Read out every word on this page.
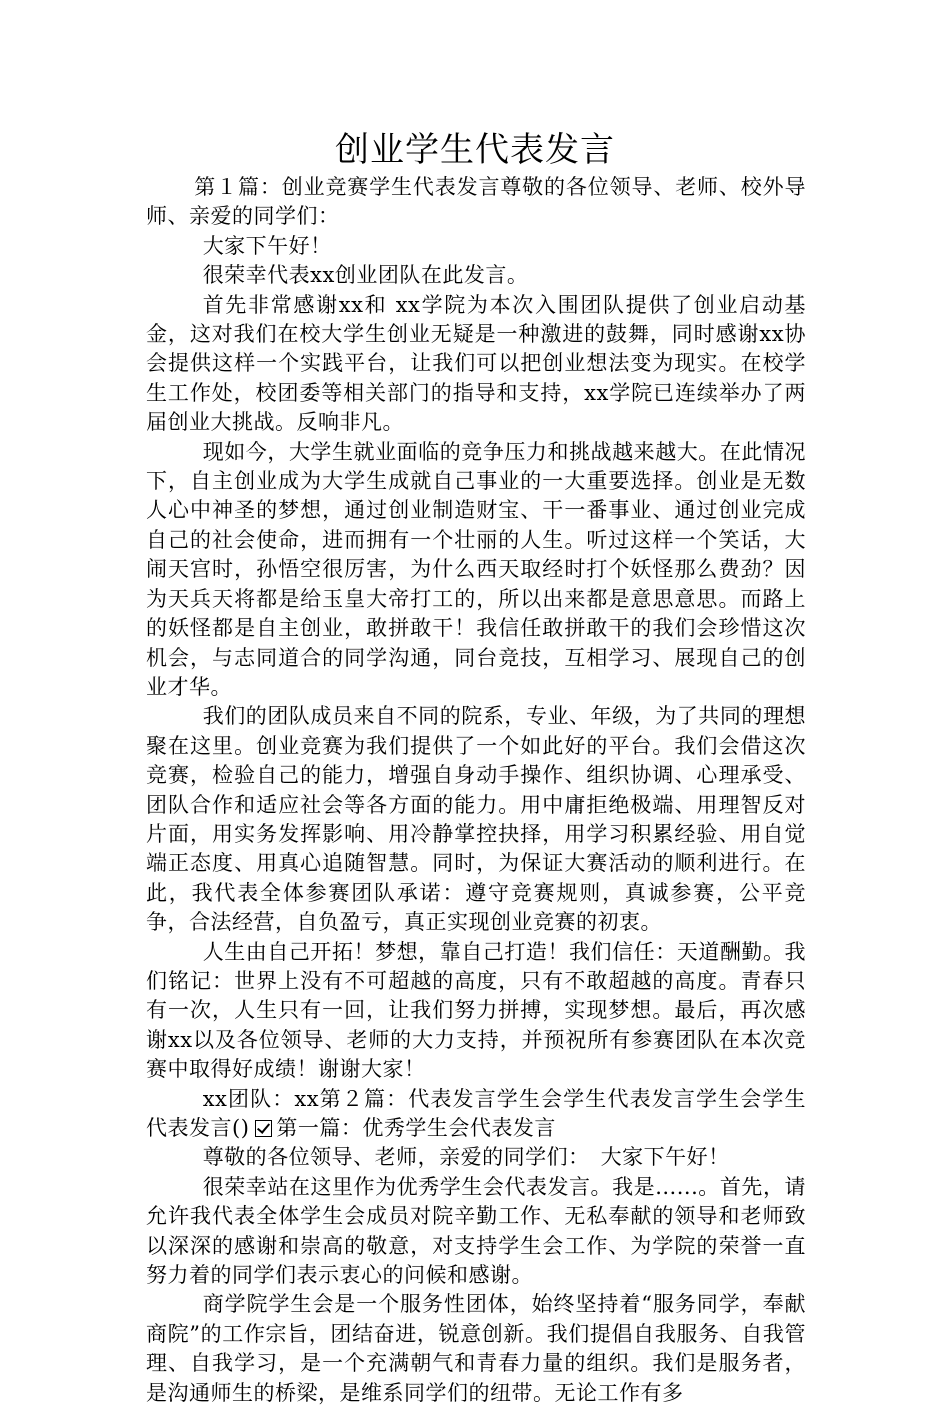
创业学生代表发言

第１篇：创业竞赛学生代表发言尊敬的各位领导、老师、校外导师、亲爱的同学们：

大家下午好！

很荣幸代表xx创业团队在此发言。

首先非常感谢xx和 xx学院为本次入围团队提供了创业启动基金，这对我们在校大学生创业无疑是一种激进的鼓舞，同时感谢xx协会提供这样一个实践平台，让我们可以把创业想法变为现实。在校学生工作处，校团委等相关部门的指导和支持，xx学院已连续举办了两届创业大挑战。反响非凡。

现如今，大学生就业面临的竞争压力和挑战越来越大。在此情况下，自主创业成为大学生成就自己事业的一大重要选择。创业是无数人心中神圣的梦想，通过创业制造财宝、干一番事业、通过创业完成自己的社会使命，进而拥有一个壮丽的人生。听过这样一个笑话，大闹天宫时，孙悟空很厉害，为什么西天取经时打个妖怪那么费劲？因为天兵天将都是给玉皇大帝打工的，所以出来都是意思意思。而路上的妖怪都是自主创业，敢拼敢干！我信任敢拼敢干的我们会珍惜这次机会，与志同道合的同学沟通，同台竞技，互相学习、展现自己的创业才华。

我们的团队成员来自不同的院系，专业、年级，为了共同的理想聚在这里。创业竞赛为我们提供了一个如此好的平台。我们会借这次竞赛，检验自己的能力，增强自身动手操作、组织协调、心理承受、团队合作和适应社会等各方面的能力。用中庸拒绝极端、用理智反对片面，用实务发挥影响、用冷静掌控抉择，用学习积累经验、用自觉端正态度、用真心追随智慧。同时，为保证大赛活动的顺利进行。在此，我代表全体参赛团队承诺：遵守竞赛规则，真诚参赛，公平竞争，合法经营，自负盈亏，真正实现创业竞赛的初衷。

人生由自己开拓！梦想，靠自己打造！我们信任：天道酬勤。我们铭记：世界上没有不可超越的高度，只有不敢超越的高度。青春只有一次，人生只有一回，让我们努力拼搏，实现梦想。最后，再次感谢xx以及各位领导、老师的大力支持，并预祝所有参赛团队在本次竞赛中取得好成绩！谢谢大家！

xx团队：xx第２篇：代表发言学生会学生代表发言学生会学生代表发言() 第一篇：优秀学生会代表发言

尊敬的各位领导、老师，亲爱的同学们：　大家下午好！

很荣幸站在这里作为优秀学生会代表发言。我是......。首先，请允许我代表全体学生会成员对院辛勤工作、无私奉献的领导和老师致以深深的感谢和崇高的敬意，对支持学生会工作、为学院的荣誉一直努力着的同学们表示衷心的问候和感谢。

商学院学生会是一个服务性团体，始终坚持着“服务同学，奉献商院”的工作宗旨，团结奋进，锐意创新。我们提倡自我服务、自我管理、自我学习，是一个充满朝气和青春力量的组织。我们是服务者，是沟通师生的桥梁，是维系同学们的纽带。无论工作有多
